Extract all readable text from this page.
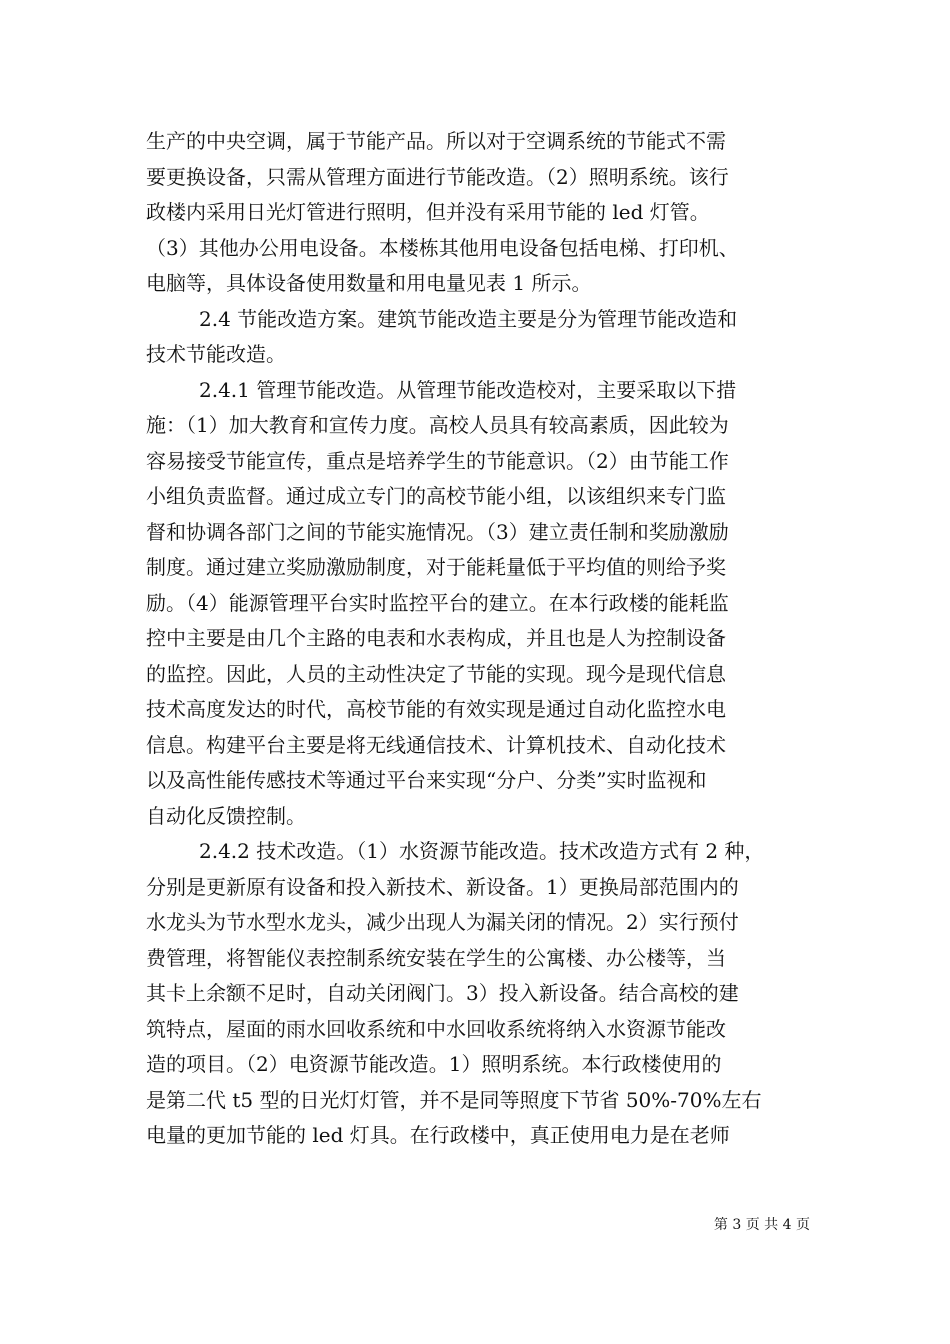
生产的中央空调，属于节能产品。所以对于空调系统的节能式不需
要更换设备，只需从管理方面进行节能改造。（2）照明系统。该行
政楼内采用日光灯管进行照明，但并没有采用节能的 led 灯管。
（3）其他办公用电设备。本楼栋其他用电设备包括电梯、打印机、
电脑等，具体设备使用数量和用电量见表 1 所示。
2.4 节能改造方案。建筑节能改造主要是分为管理节能改造和
技术节能改造。
2.4.1 管理节能改造。从管理节能改造校对，主要采取以下措
施：（1）加大教育和宣传力度。高校人员具有较高素质，因此较为
容易接受节能宣传，重点是培养学生的节能意识。（2）由节能工作
小组负责监督。通过成立专门的高校节能小组，以该组织来专门监
督和协调各部门之间的节能实施情况。（3）建立责任制和奖励激励
制度。通过建立奖励激励制度，对于能耗量低于平均值的则给予奖
励。（4）能源管理平台实时监控平台的建立。在本行政楼的能耗监
控中主要是由几个主路的电表和水表构成，并且也是人为控制设备
的监控。因此，人员的主动性决定了节能的实现。现今是现代信息
技术高度发达的时代，高校节能的有效实现是通过自动化监控水电
信息。构建平台主要是将无线通信技术、计算机技术、自动化技术
以及高性能传感技术等通过平台来实现“分户、分类”实时监视和
自动化反馈控制。
2.4.2 技术改造。（1）水资源节能改造。技术改造方式有 2 种，
分别是更新原有设备和投入新技术、新设备。1）更换局部范围内的
水龙头为节水型水龙头，减少出现人为漏关闭的情况。2）实行预付
费管理，将智能仪表控制系统安装在学生的公寓楼、办公楼等，当
其卡上余额不足时，自动关闭阀门。3）投入新设备。结合高校的建
筑特点，屋面的雨水回收系统和中水回收系统将纳入水资源节能改
造的项目。（2）电资源节能改造。1）照明系统。本行政楼使用的
是第二代 t5 型的日光灯灯管，并不是同等照度下节省 50%-70%左右
电量的更加节能的 led 灯具。在行政楼中，真正使用电力是在老师
第 3 页 共 4 页
